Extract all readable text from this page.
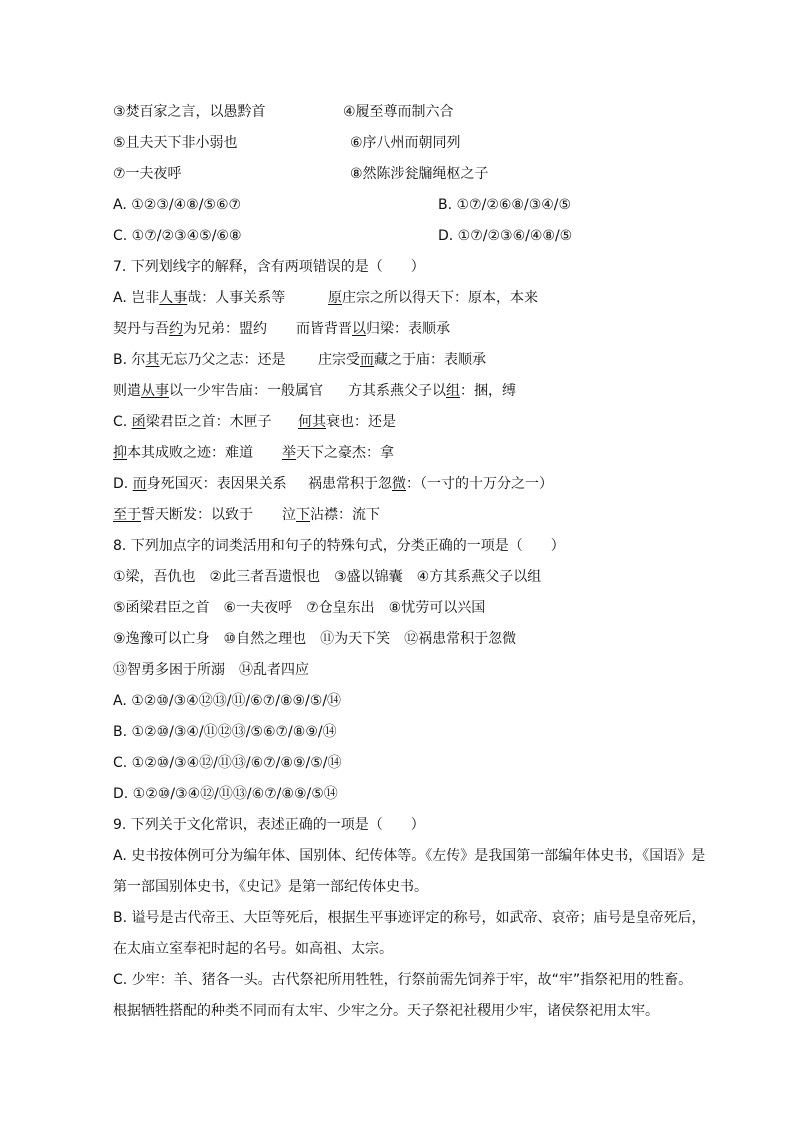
③焚百家之言，以愚黔首	④履至尊而制六合
⑤且夫天下非小弱也	⑥序八州而朝同列
⑦一夫夜呼	⑧然陈涉瓮牖绳枢之子
A. ①②③/④⑧/⑤⑥⑦	B. ①⑦/②⑥⑧/③④/⑤
C. ①⑦/②③④⑤/⑥⑧	D. ①⑦/②③⑥/④⑧/⑤
7. 下列划线字的解释，含有两项错误的是（　　）
A. 岂非人事哉：人事关系等	原庄宗之所以得天下：原本，本来
契丹与吾约为兄弟：盟约 而皆背晋以归梁：表顺承
B. 尔其无忘乃父之志：还是 庄宗受而藏之于庙：表顺承
则遣从事以一少牢告庙：一般属官 方其系燕父子以组：捆，缚
C. 函梁君臣之首：木匣子 何其衰也：还是
抑本其成败之迹：难道 举天下之豪杰：拿
D. 而身死国灭：表因果关系 祸患常积于忽微：（一寸的十万分之一）
至于誓天断发：以致于 泣下沾襟：流下
8. 下列加点字的词类活用和句子的特殊句式，分类正确的一项是（　　）
①梁，吾仇也　②此三者吾遗恨也　③盛以锦囊　④方其系燕父子以组
⑤函梁君臣之首　⑥一夫夜呼　⑦仓皇东出　⑧忧劳可以兴国
⑨逸豫可以亡身　⑩自然之理也　⑪为天下笑　⑫祸患常积于忽微
⑬智勇多困于所溺　⑭乱者四应
A. ①②⑩/③④⑫⑬/⑪/⑥⑦/⑧⑨/⑤/⑭
B. ①②⑩/③④/⑪⑫⑬/⑤⑥⑦/⑧⑨/⑭
C. ①②⑩/③④⑫/⑪⑬/⑥⑦/⑧⑨/⑤/⑭
D. ①②⑩/③④⑫/⑪⑬/⑥⑦/⑧⑨/⑤⑭
9. 下列关于文化常识，表述正确的一项是（　　）
A. 史书按体例可分为编年体、国别体、纪传体等。《左传》是我国第一部编年体史书，《国语》是
第一部国别体史书，《史记》是第一部纪传体史书。
B. 谥号是古代帝王、大臣等死后，根据生平事迹评定的称号，如武帝、哀帝；庙号是皇帝死后，
在太庙立室奉祀时起的名号。如高祖、太宗。
C. 少牢：羊、猪各一头。古代祭祀所用牲牲，行祭前需先饲养于牢，故“牢”指祭祀用的牲畜。
根据牺牲搭配的种类不同而有太牢、少牢之分。天子祭祀社稷用少牢，诸侯祭祀用太牢。
